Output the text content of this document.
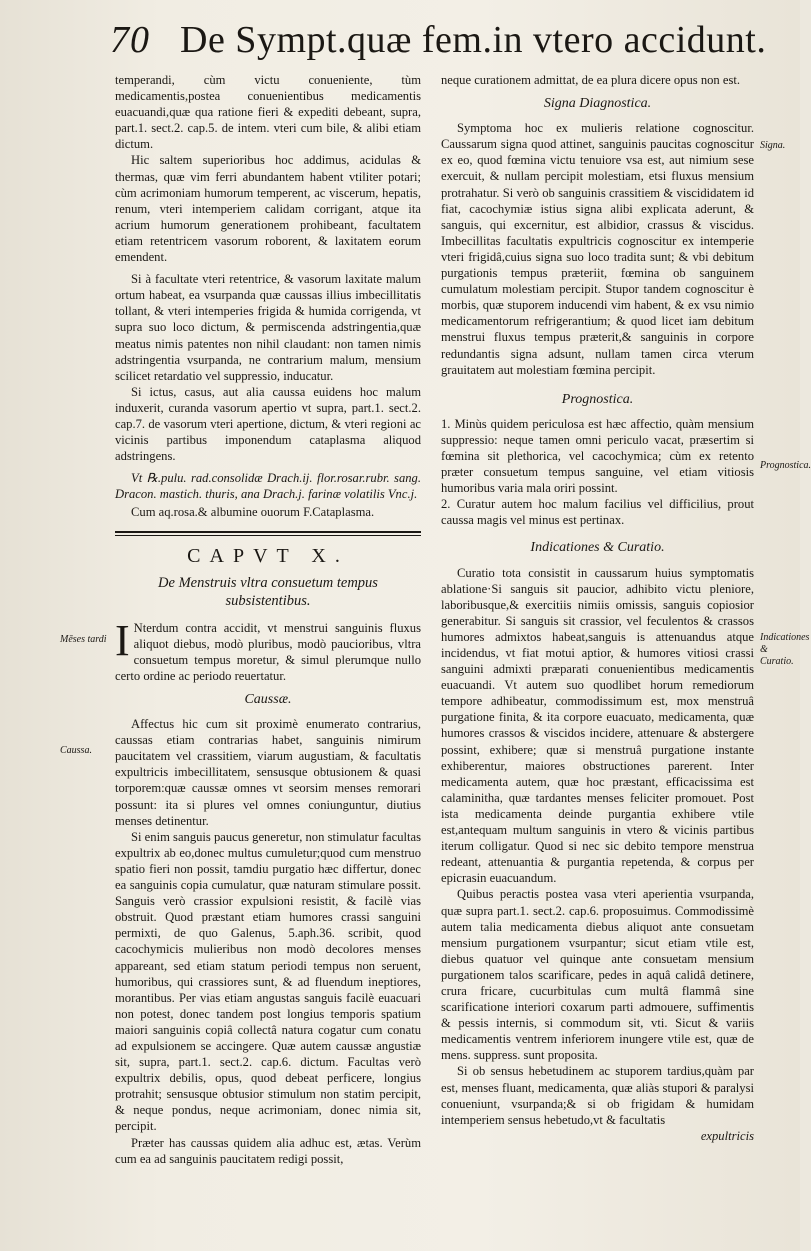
70 De Sympt.quæ fem.in vtero accidunt.

temperandi, cùm victu conueniente, tùm medicamentis,postea conuenientibus medicamentis euacuandi,quæ qua ratione fieri & expediti debeant, supra, part.1. sect.2. cap.5. de intem. vteri cum bile, & alibi etiam dictum.

Hic saltem superioribus hoc addimus, acidulas & thermas, quæ vim ferri abundantem habent vtiliter potari; cùm acrimoniam humorum temperent, ac viscerum, hepatis, renum, vteri intemperiem calidam corrigant, atque ita acrium humorum generationem prohibeant, facultatem etiam retentricem vasorum roborent, & laxitatem eorum emendent.

Si à facultate vteri retentrice, & vasorum laxitate malum ortum habeat, ea vsurpanda quæ caussas illius imbecillitatis tollant, & vteri intemperies frigida & humida corrigenda, vt supra suo loco dictum, & permiscenda adstringentia,quæ meatus nimis patentes non nihil claudant: non tamen nimis adstringentia vsurpanda, ne contrarium malum, mensium scilicet retardatio vel suppressio, inducatur.

Si ictus, casus, aut alia caussa euidens hoc malum induxerit, curanda vasorum apertio vt supra, part.1. sect.2. cap.7. de vasorum vteri apertione, dictum, & vteri regioni ac vicinis partibus imponendum cataplasma aliquod adstringens.

Vt ℞.pulu. rad.consolidæ Drach.ij. flor.rosar.rubr. sang. Dracon. mastich. thuris, ana Drach.j. farinæ volatilis Vnc.j.

Cum aq.rosa.& albumine ouorum F.Cataplasma.

CAPVT X.
De Menstruis vltra consuetum tempus subsistentibus.

I Nterdum contra accidit, vt menstrui sanguinis fluxus aliquot diebus, modò pluribus, modò paucioribus, vltra consuetum tempus moretur, & simul plerumque nullo certo ordine ac periodo reuertatur.

Caussæ.

Affectus hic cum sit proximè enumerato contrarius, caussas etiam contrarias habet, sanguinis nimirum paucitatem vel crassitiem, viarum augustiam, & facultatis expultricis imbecillitatem, sensusque obtusionem & quasi torporem:quæ caussæ omnes vt seorsim menses remorari possunt: ita si plures vel omnes coniunguntur, diutius menses detinentur.

Si enim sanguis paucus generetur, non stimulatur facultas expultrix ab eo,donec multus cumuletur;quod cum menstruo spatio fieri non possit, tamdiu purgatio hæc differtur, donec ea sanguinis copia cumulatur, quæ naturam stimulare possit. Sanguis verò crassior expulsioni resistit, & facilè vias obstruit. Quod præstant etiam humores crassi sanguini permixti, de quo Galenus, 5.aph.36. scribit, quod cacochymicis mulieribus non modò decolores menses appareant, sed etiam statum periodi tempus non seruent, humoribus, qui crassiores sunt, & ad fluendum ineptiores, morantibus. Per vias etiam angustas sanguis facilè euacuari non potest, donec tandem post longius temporis spatium maiori sanguinis copiâ collectâ natura cogatur cum conatu ad expulsionem se accingere. Quæ autem caussæ angustiæ sit, supra, part.1. sect.2. cap.6. dictum. Facultas verò expultrix debilis, opus, quod debeat perficere, longius protrahit; sensusque obtusior stimulum non statim percipit, & neque pondus, neque acrimoniam, donec nimia sit, percipit.

Præter has caussas quidem alia adhuc est, ætas. Verùm cum ea ad sanguinis paucitatem redigi possit,

neque curationem admittat, de ea plura dicere opus non est.

Signa Diagnostica.

Symptoma hoc ex mulieris relatione cognoscitur. Caussarum signa quod attinet, sanguinis paucitas cognoscitur ex eo, quod fœmina victu tenuiore vsa est, aut nimium sese exercuit, & nullam percipit molestiam, etsi fluxus mensium protrahatur. Si verò ob sanguinis crassitiem & viscididatem id fiat, cacochymiæ istius signa alibi explicata aderunt, & sanguis, qui excernitur, est albidior, crassus & viscidus. Imbecillitas facultatis expultricis cognoscitur ex intemperie vteri frigidâ,cuius signa suo loco tradita sunt; & vbi debitum purgationis tempus præteriit, fœmina ob sanguinem cumulatum molestiam percipit. Stupor tandem cognoscitur è morbis, quæ stuporem inducendi vim habent, & ex vsu nimio medicamentorum refrigerantium; & quod licet iam debitum menstrui fluxus tempus præterit,& sanguinis in corpore redundantis signa adsunt, nullam tamen circa vterum grauitatem aut molestiam fœmina percipit.

Prognostica.

1. Minùs quidem periculosa est hæc affectio, quàm mensium suppressio: neque tamen omni periculo vacat, præsertim si fœmina sit plethorica, vel cacochymica; cùm ex retento præter consuetum tempus sanguine, vel etiam vitiosis humoribus varia mala oriri possint.

2. Curatur autem hoc malum facilius vel difficilius, prout caussa magis vel minus est pertinax.

Indicationes & Curatio.

Curatio tota consistit in caussarum huius symptomatis ablatione·Si sanguis sit paucior, adhibito victu pleniore, laboribusque,& exercitiis nimiis omissis, sanguis copiosior generabitur. Si sanguis sit crassior, vel feculentos & crassos humores admixtos habeat,sanguis is attenuandus atque incidendus, vt fiat motui aptior, & humores vitiosi crassi sanguini admixti præparati conuenientibus medicamentis euacuandi. Vt autem suo quodlibet horum remediorum tempore adhibeatur, commodissimum est, mox menstruâ purgatione finita, & ita corpore euacuato, medicamenta, quæ humores crassos & viscidos incidere, attenuare & abstergere possint, exhibere; quæ si menstruâ purgatione instante exhiberentur, maiores obstructiones parerent. Inter medicamenta autem, quæ hoc præstant, efficacissima est calaminitha, quæ tardantes menses feliciter promouet. Post ista medicamenta deinde purgantia exhibere vtile est,antequam multum sanguinis in vtero & vicinis partibus iterum colligatur. Quod si nec sic debito tempore menstrua redeant, attenuantia & purgantia repetenda, & corpus per epicrasin euacuandum.

Quibus peractis postea vasa vteri aperientia vsurpanda, quæ supra part.1. sect.2. cap.6. proposuimus. Commodissimè autem talia medicamenta diebus aliquot ante consuetam mensium purgationem vsurpantur; sicut etiam vtile est, diebus quatuor vel quinque ante consuetam mensium purgationem talos scarificare, pedes in aquâ calidâ detinere, crura fricare, cucurbitulas cum multâ flammâ sine scarificatione interiori coxarum parti admouere, suffimentis & pessis internis, si commodum sit, vti. Sicut & variis medicamentis ventrem inferiorem inungere vtile est, quæ de mens. suppress. sunt proposita.

Si ob sensus hebetudinem ac stuporem tardius,quàm par est, menses fluant, medicamenta, quæ aliàs stupori & paralysi conueniunt, vsurpanda;& si ob frigidam & humidam intemperiem sensus hebetudo,vt & facultatis

expultricis

Mēses tardi
Caussa.
Signa.
Prognostica.
Indicationes & Curatio.
